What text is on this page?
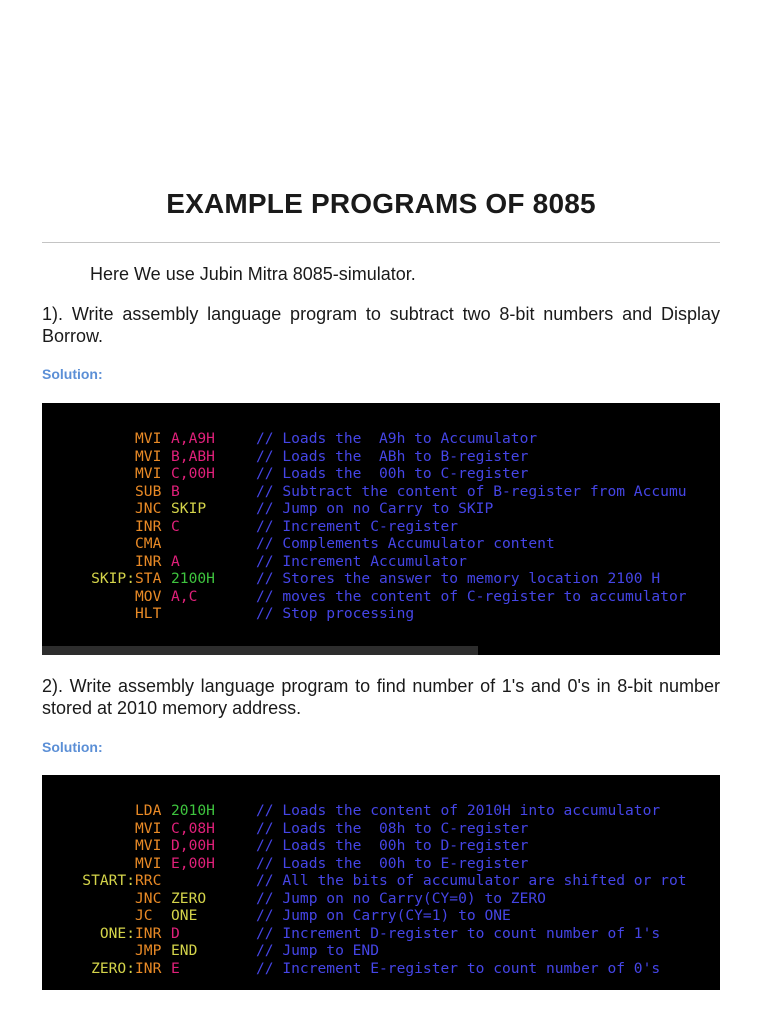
EXAMPLE PROGRAMS OF 8085

Here We use Jubin Mitra 8085-simulator.

1). Write assembly language program to subtract two 8-bit numbers and Display Borrow.

Solution:

MVI A,A9H	// Loads the  A9h to Accumulator
MVI B,ABH	// Loads the  ABh to B-register
MVI C,00H	// Loads the  00h to C-register
SUB B	// Subtract the content of B-register from Accumu
JNC SKIP	// Jump on no Carry to SKIP
INR C	// Increment C-register
CMA	// Complements Accumulator content
INR A	// Increment Accumulator
SKIP:STA 2100H	// Stores the answer to memory location 2100 H
MOV A,C	// moves the content of C-register to accumulator
HLT	// Stop processing

2). Write assembly language program to find number of 1's and 0's in 8-bit number stored at 2010 memory address.

Solution:

LDA 2010H	// Loads the content of 2010H into accumulator
MVI C,08H	// Loads the  08h to C-register
MVI D,00H	// Loads the  00h to D-register
MVI E,00H	// Loads the  00h to E-register
START:RRC	// All the bits of accumulator are shifted or rot
JNC ZERO	// Jump on no Carry(CY=0) to ZERO
JC ONE	// Jump on Carry(CY=1) to ONE
ONE:INR D	// Increment D-register to count number of 1's
JMP END	// Jump to END
ZERO:INR E	// Increment E-register to count number of 0's
